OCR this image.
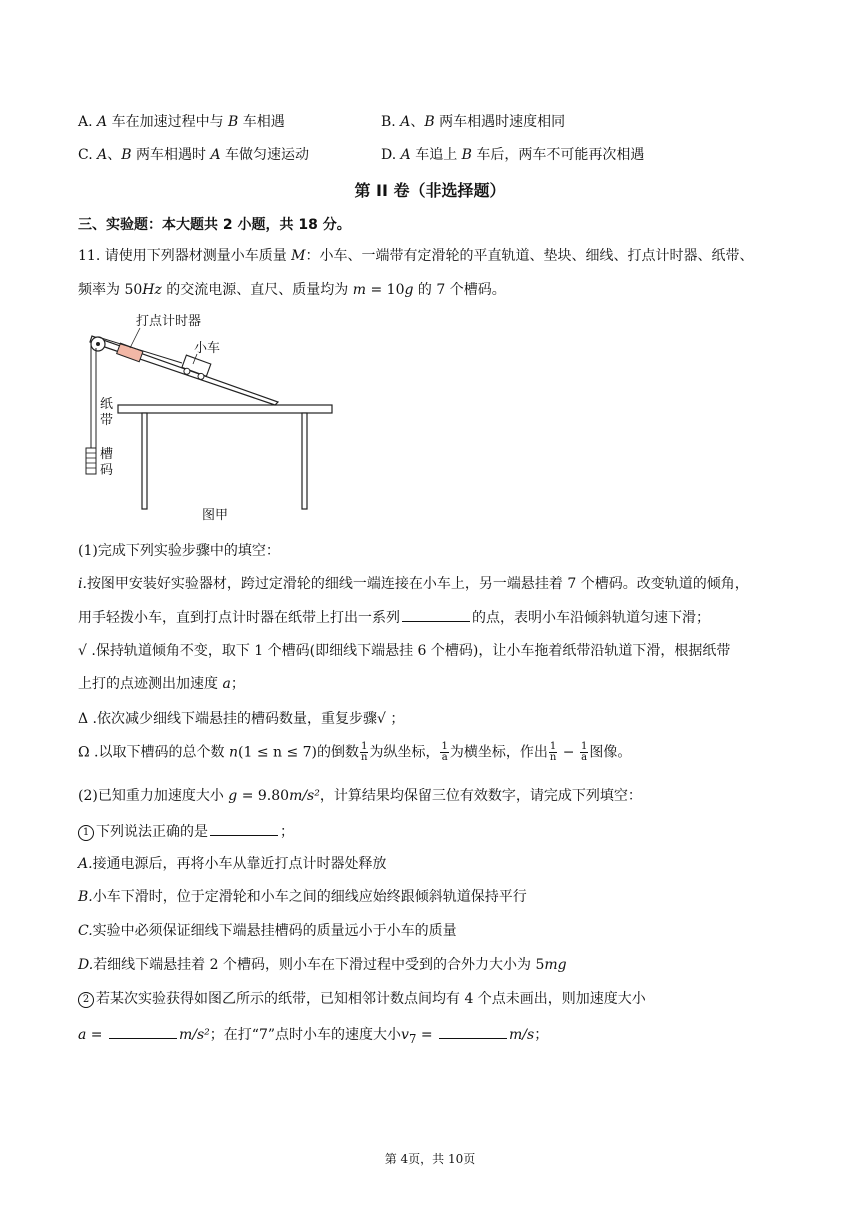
A. A 车在加速过程中与 B 车相遇	B. A、B 两车相遇时速度相同
C. A、B 两车相遇时 A 车做匀速运动	D. A 车追上 B 车后，两车不可能再次相遇
第 II 卷（非选择题）
三、实验题：本大题共 2 小题，共 18 分。
11. 请使用下列器材测量小车质量 M：小车、一端带有定滑轮的平直轨道、垫块、细线、打点计时器、纸带、
频率为 50Hz 的交流电源、直尺、质量均为 m = 10g 的 7 个槽码。
打点计时器
小车
纸
带
槽
码
图甲
(1)完成下列实验步骤中的填空：
i.按图甲安装好实验器材，跨过定滑轮的细线一端连接在小车上，另一端悬挂着 7 个槽码。改变轨道的倾角，
用手轻拨小车，直到打点计时器在纸带上打出一系列	的点，表明小车沿倾斜轨道匀速下滑；
√ .保持轨道倾角不变，取下 1 个槽码(即细线下端悬挂 6 个槽码)，让小车拖着纸带沿轨道下滑，根据纸带
上打的点迹测出加速度 a；
Δ .依次减少细线下端悬挂的槽码数量，重复步骤√ ；
Ω .以取下槽码的总个数 n(1 ≤ n ≤ 7)的倒数 $\frac{1}{n}$ 为纵坐标， $\frac{1}{a}$ 为横坐标，作出 $\frac{1}{n} - \frac{1}{a}$ 图像。
(2)已知重力加速度大小 g = 9.80m/s²，计算结果均保留三位有效数字，请完成下列填空：
1 下列说法正确的是	；
A.接通电源后，再将小车从靠近打点计时器处释放
B.小车下滑时，位于定滑轮和小车之间的细线应始终跟倾斜轨道保持平行
C.实验中必须保证细线下端悬挂槽码的质量远小于小车的质量
D.若细线下端悬挂着 2 个槽码，则小车在下滑过程中受到的合外力大小为 5mg
2 若某次实验获得如图乙所示的纸带，已知相邻计数点间均有 4 个点未画出，则加速度大小
a =	m/s²；在打“7”点时小车的速度大小$v_7$ =	m/s；
第 4页，共 10页
